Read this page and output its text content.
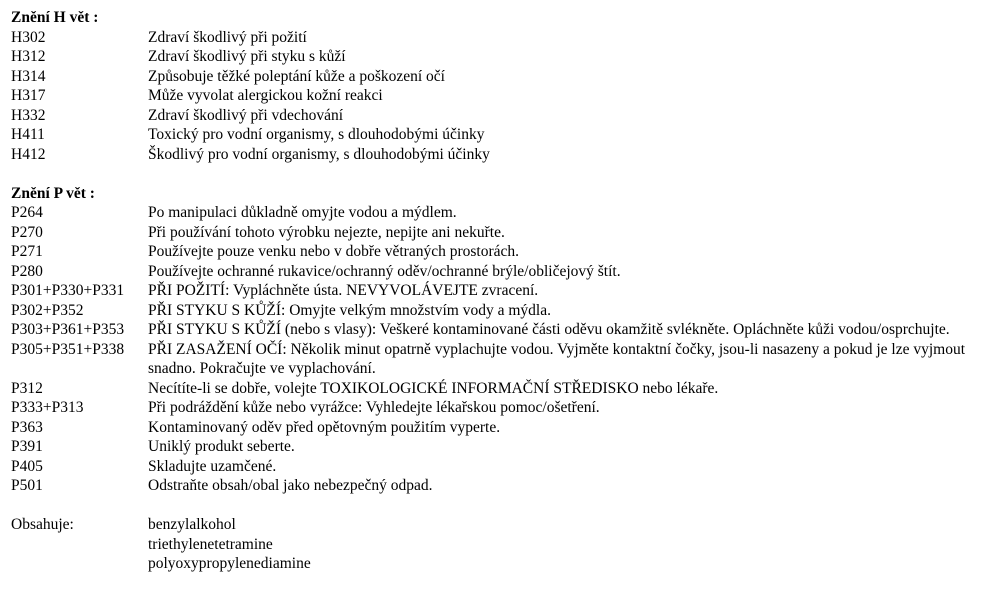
Znění H vět :
H302	Zdraví škodlivý při požití
H312	Zdraví škodlivý při styku s kůží
H314	Způsobuje těžké poleptání kůže a poškození očí
H317	Může vyvolat alergickou kožní reakci
H332	Zdraví škodlivý při vdechování
H411	Toxický pro vodní organismy, s dlouhodobými účinky
H412	Škodlivý pro vodní organismy, s dlouhodobými účinky
Znění P vět :
P264	Po manipulaci důkladně omyjte vodou a mýdlem.
P270	Při používání tohoto výrobku nejezte, nepijte ani nekuřte.
P271	Používejte pouze venku nebo v dobře větraných prostorách.
P280	Používejte ochranné rukavice/ochranný oděv/ochranné brýle/obličejový štít.
P301+P330+P331	PŘI POŽITÍ: Vypláchněte ústa. NEVYVOLÁVEJTE zvracení.
P302+P352	PŘI STYKU S KŮŽÍ: Omyjte velkým množstvím vody a mýdla.
P303+P361+P353	PŘI STYKU S KŮŽÍ (nebo s vlasy): Veškeré kontaminované části oděvu okamžitě svlékněte. Opláchněte kůži vodou/osprchujte.
P305+P351+P338	PŘI ZASAŽENÍ OČÍ: Několik minut opatrně vyplachujte vodou. Vyjměte kontaktní čočky, jsou-li nasazeny a pokud je lze vyjmout snadno. Pokračujte ve vyplachování.
P312	Necítíte-li se dobře, volejte TOXIKOLOGICKÉ INFORMAČNÍ STŘEDISKO nebo lékaře.
P333+P313	Při podráždění kůže nebo vyrážce: Vyhledejte lékařskou pomoc/ošetření.
P363	Kontaminovaný oděv před opětovným použitím vyperte.
P391	Uniklý produkt seberte.
P405	Skladujte uzamčené.
P501	Odstraňte obsah/obal jako nebezpečný odpad.
Obsahuje:	benzylalkohol
triethylenetetramine
polyoxypropylenediamine
